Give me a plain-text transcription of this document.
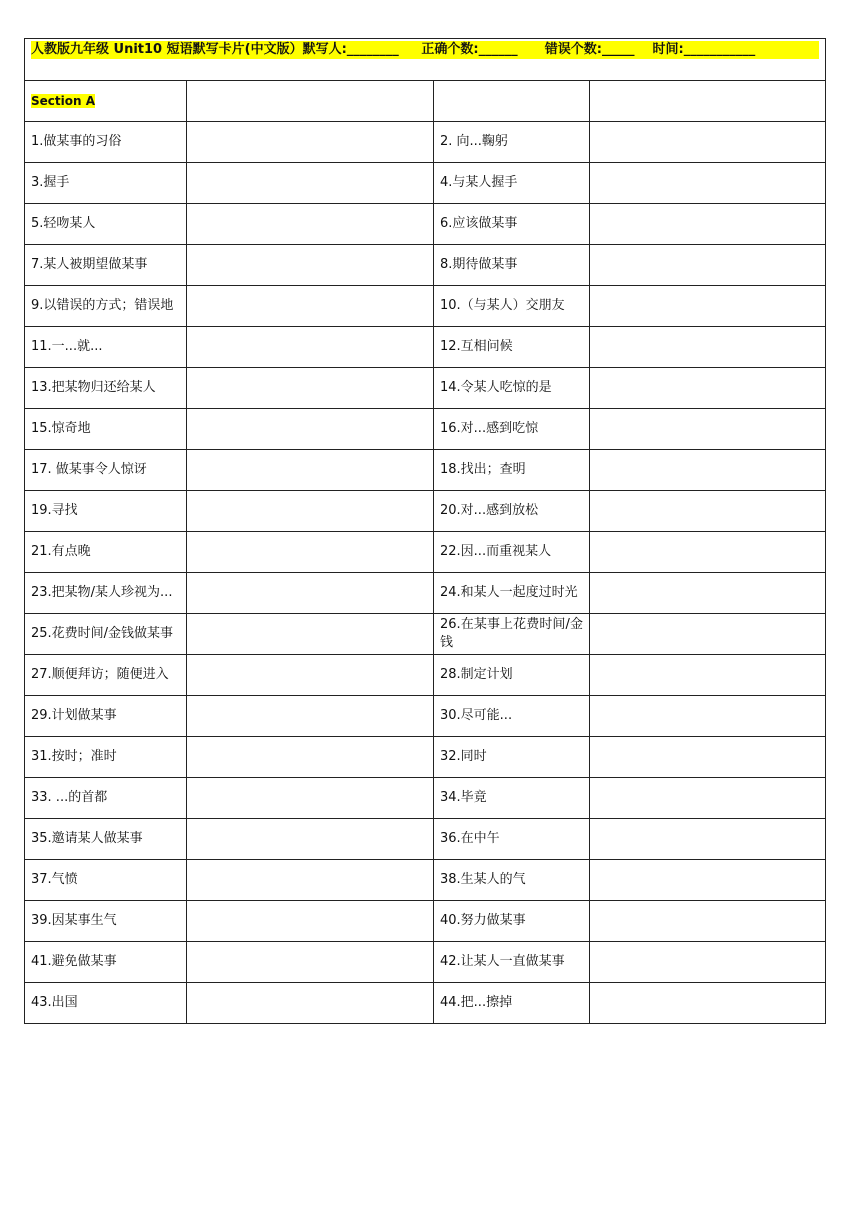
人教版九年级 Unit10 短语默写卡片(中文版）默写人:________     正确个数:______      错误个数:_____    时间:___________			

Section A			
1.做某事的习俗		2. 向...鞠躬	
3.握手		4.与某人握手	
5.轻吻某人		6.应该做某事	
7.某人被期望做某事		8.期待做某事	
9.以错误的方式；错误地		10.（与某人）交朋友	
11.一...就...		12.互相问候	
13.把某物归还给某人		14.令某人吃惊的是	
15.惊奇地		16.对...感到吃惊	
17. 做某事令人惊讶		18.找出；查明	
19.寻找		20.对...感到放松	
21.有点晚		22.因...而重视某人	
23.把某物/某人珍视为...		24.和某人一起度过时光	
25.花费时间/金钱做某事		26.在某事上花费时间/金钱	
27.顺便拜访；随便进入		28.制定计划	
29.计划做某事		30.尽可能...	
31.按时；准时		32.同时	
33. ...的首都		34.毕竟	
35.邀请某人做某事		36.在中午	
37.气愤		38.生某人的气	
39.因某事生气		40.努力做某事	
41.避免做某事		42.让某人一直做某事	
43.出国		44.把...擦掉	
